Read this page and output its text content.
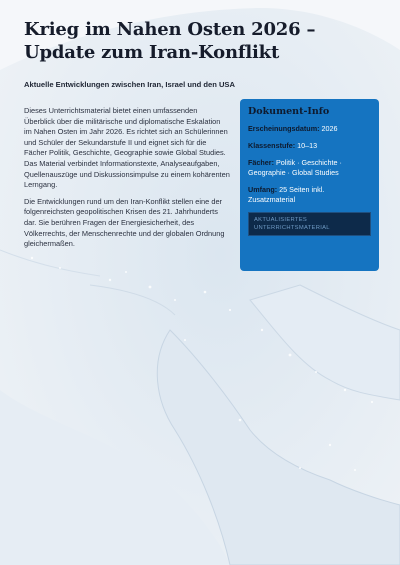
Krieg im Nahen Osten 2026 – Update zum Iran-Konflikt

Aktuelle Entwicklungen zwischen Iran, Israel und den USA

Dieses Unterrichtsmaterial bietet einen umfassenden Überblick über die militärische und diplomatische Eskalation im Nahen Osten im Jahr 2026. Es richtet sich an Schülerinnen und Schüler der Sekundarstufe II und eignet sich für die Fächer Politik, Geschichte, Geographie sowie Global Studies. Das Material verbindet Informationstexte, Analyseaufgaben, Quellenauszüge und Diskussionsimpulse zu einem kohärenten Lerngang.

Die Entwicklungen rund um den Iran-Konflikt stellen eine der folgenreichsten geopolitischen Krisen des 21. Jahrhunderts dar. Sie berühren Fragen der Energiesicherheit, des Völkerrechts, der Menschenrechte und der globalen Ordnung gleichermaßen.

Dokument-Info
Erscheinungsdatum: 2026
Klassenstufe: 10–13
Fächer: Politik · Geschichte · Geographie · Global Studies
Umfang: 25 Seiten inkl. Zusatzmaterial
AKTUALISIERTES UNTERRICHTSMATERIAL
